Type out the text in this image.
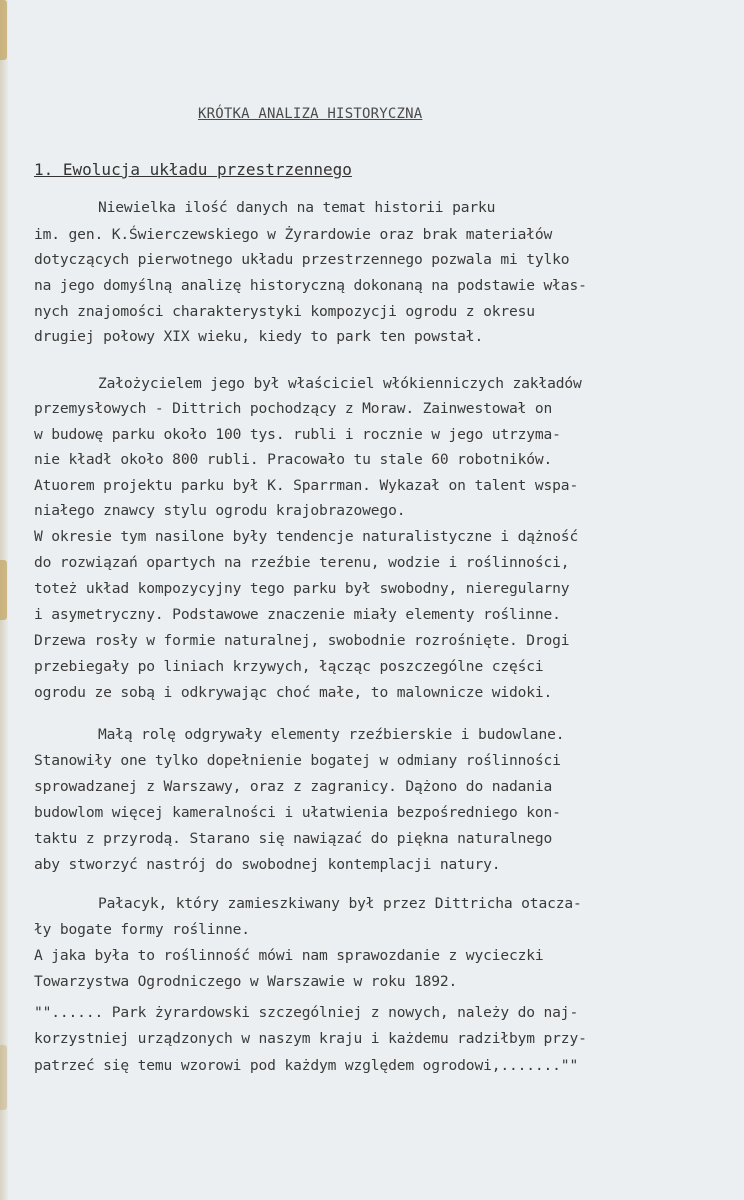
KRÓTKA ANALIZA HISTORYCZNA
1. Ewolucja układu przestrzennego
Niewielka ilość danych na temat historii parku
im. gen. K.Świerczewskiego w Żyrardowie oraz brak materiałów
dotyczących pierwotnego układu przestrzennego pozwala mi tylko
na jego domyślną analizę historyczną dokonaną na podstawie włas-
nych znajomości charakterystyki kompozycji ogrodu z okresu
drugiej połowy XIX wieku, kiedy to park ten powstał.
Założycielem jego był właściciel włókienniczych zakładów
przemysłowych - Dittrich pochodzący z Moraw. Zainwestował on
w budowę parku około 100 tys. rubli i rocznie w jego utrzyma-
nie kładł około 800 rubli. Pracowało tu stale 60 robotników.
Atuorem projektu parku był K. Sparrman. Wykazał on talent wspa-
niałego znawcy stylu ogrodu krajobrazowego.
W okresie tym nasilone były tendencje naturalistyczne i dążność
do rozwiązań opartych na rzeźbie terenu, wodzie i roślinności,
toteż układ kompozycyjny tego parku był swobodny, nieregularny
i asymetryczny. Podstawowe znaczenie miały elementy roślinne.
Drzewa rosły w formie naturalnej, swobodnie rozrośnięte. Drogi
przebiegały po liniach krzywych, łącząc poszczególne części
ogrodu ze sobą i odkrywając choć małe, to malownicze widoki.
Małą rolę odgrywały elementy rzeźbierskie i budowlane.
Stanowiły one tylko dopełnienie bogatej w odmiany roślinności
sprowadzanej z Warszawy, oraz z zagranicy. Dążono do nadania
budowlom więcej kameralności i ułatwienia bezpośredniego kon-
taktu z przyrodą. Starano się nawiązać do piękna naturalnego
aby stworzyć nastrój do swobodnej kontemplacji natury.
Pałacyk, który zamieszkiwany był przez Dittricha otacza-
ły bogate formy roślinne.
A jaka była to roślinność mówi nam sprawozdanie z wycieczki
Towarzystwa Ogrodniczego w Warszawie w roku 1892.
""...... Park żyrardowski szczególniej z nowych, należy do naj-
korzystniej urządzonych w naszym kraju i każdemu radziłbym przy-
patrzeć się temu wzorowi pod każdym względem ogrodowi,.......""
